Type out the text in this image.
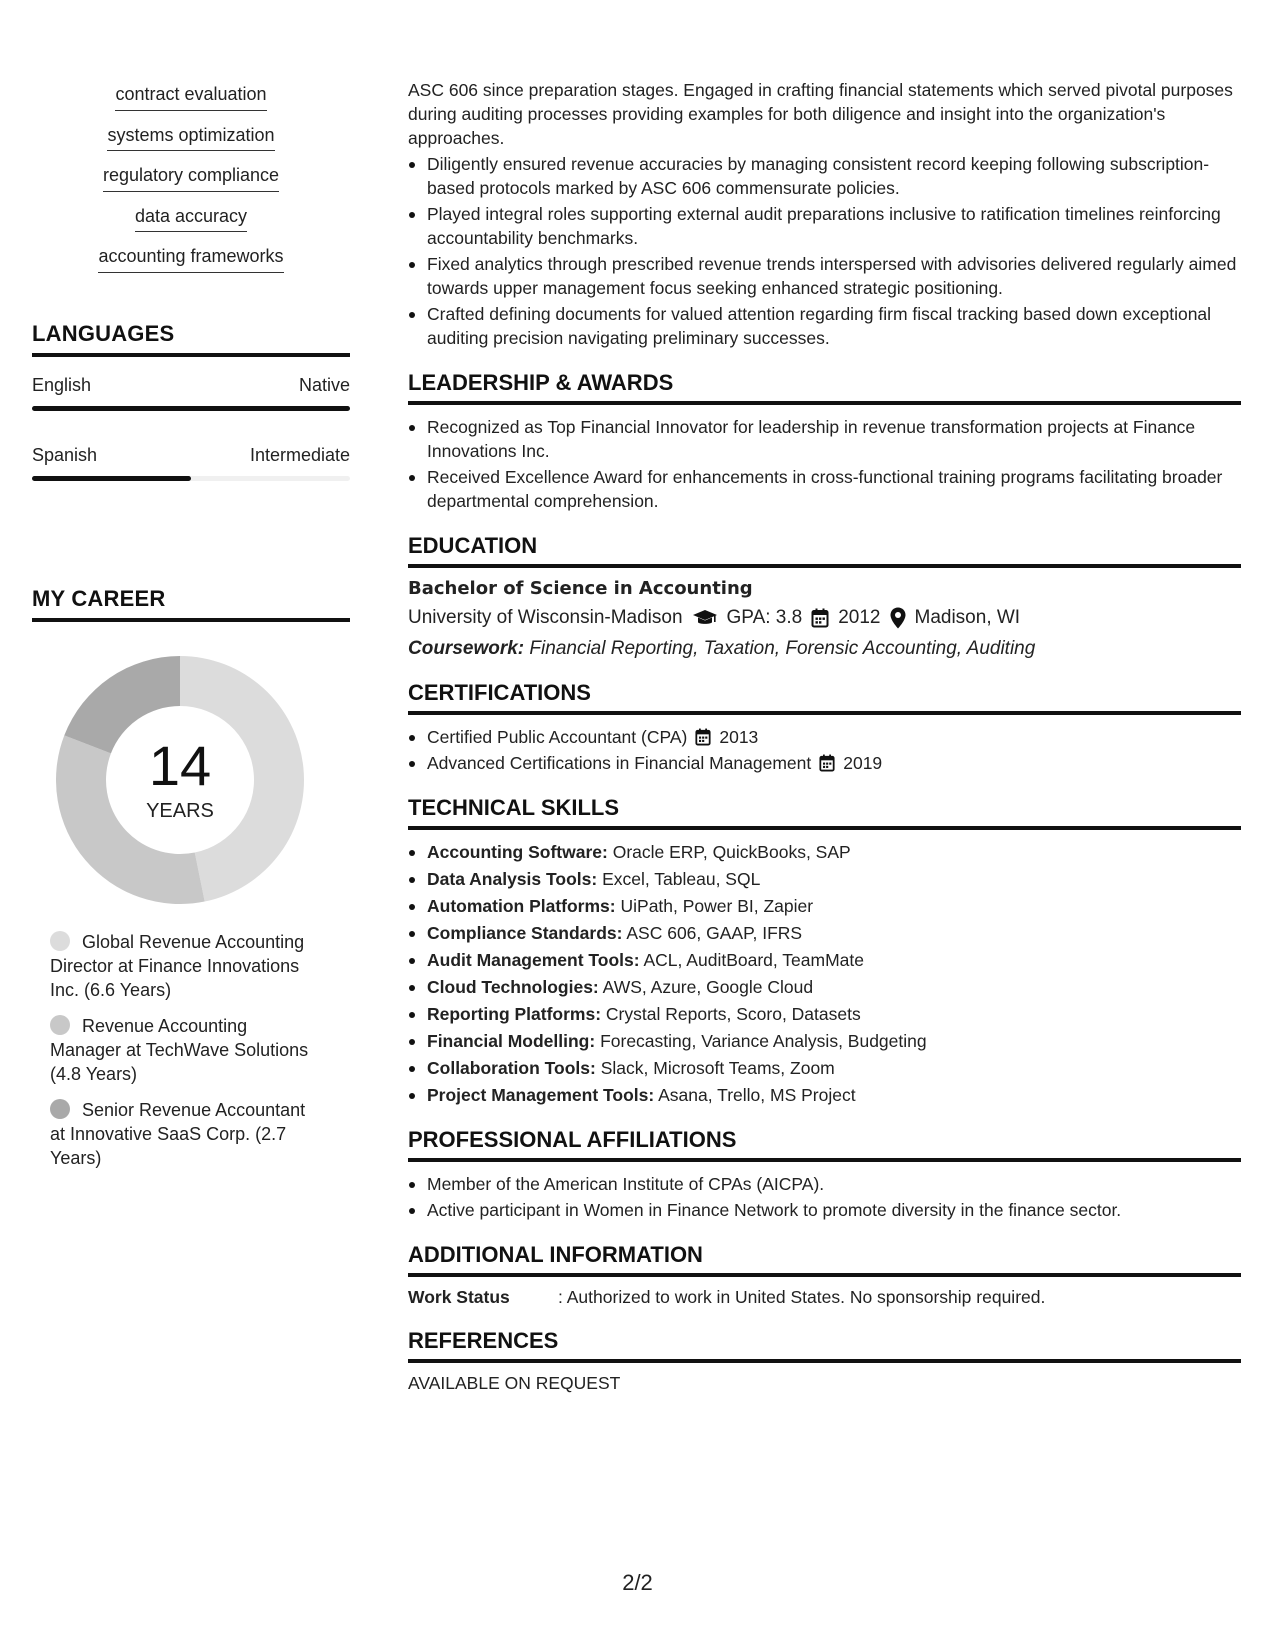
contract evaluation
systems optimization
regulatory compliance
data accuracy
accounting frameworks
LANGUAGES
English	Native
Spanish	Intermediate
MY CAREER
14
YEARS
Global Revenue Accounting Director at Finance Innovations Inc. (6.6 Years)
Revenue Accounting Manager at TechWave Solutions (4.8 Years)
Senior Revenue Accountant at Innovative SaaS Corp. (2.7 Years)
ASC 606 since preparation stages. Engaged in crafting financial statements which served pivotal purposes during auditing processes providing examples for both diligence and insight into the organization's approaches.
Diligently ensured revenue accuracies by managing consistent record keeping following subscription-based protocols marked by ASC 606 commensurate policies.
Played integral roles supporting external audit preparations inclusive to ratification timelines reinforcing accountability benchmarks.
Fixed analytics through prescribed revenue trends interspersed with advisories delivered regularly aimed towards upper management focus seeking enhanced strategic positioning.
Crafted defining documents for valued attention regarding firm fiscal tracking based down exceptional auditing precision navigating preliminary successes.
LEADERSHIP & AWARDS
Recognized as Top Financial Innovator for leadership in revenue transformation projects at Finance Innovations Inc.
Received Excellence Award for enhancements in cross-functional training programs facilitating broader departmental comprehension.
EDUCATION
Bachelor of Science in Accounting
University of Wisconsin-Madison GPA: 3.8 2012 Madison, WI
Coursework: Financial Reporting, Taxation, Forensic Accounting, Auditing
CERTIFICATIONS
Certified Public Accountant (CPA) 2013
Advanced Certifications in Financial Management 2019
TECHNICAL SKILLS
Accounting Software: Oracle ERP, QuickBooks, SAP
Data Analysis Tools: Excel, Tableau, SQL
Automation Platforms: UiPath, Power BI, Zapier
Compliance Standards: ASC 606, GAAP, IFRS
Audit Management Tools: ACL, AuditBoard, TeamMate
Cloud Technologies: AWS, Azure, Google Cloud
Reporting Platforms: Crystal Reports, Scoro, Datasets
Financial Modelling: Forecasting, Variance Analysis, Budgeting
Collaboration Tools: Slack, Microsoft Teams, Zoom
Project Management Tools: Asana, Trello, MS Project
PROFESSIONAL AFFILIATIONS
Member of the American Institute of CPAs (AICPA).
Active participant in Women in Finance Network to promote diversity in the finance sector.
ADDITIONAL INFORMATION
Work Status	: Authorized to work in United States. No sponsorship required.
REFERENCES
AVAILABLE ON REQUEST
2/2
